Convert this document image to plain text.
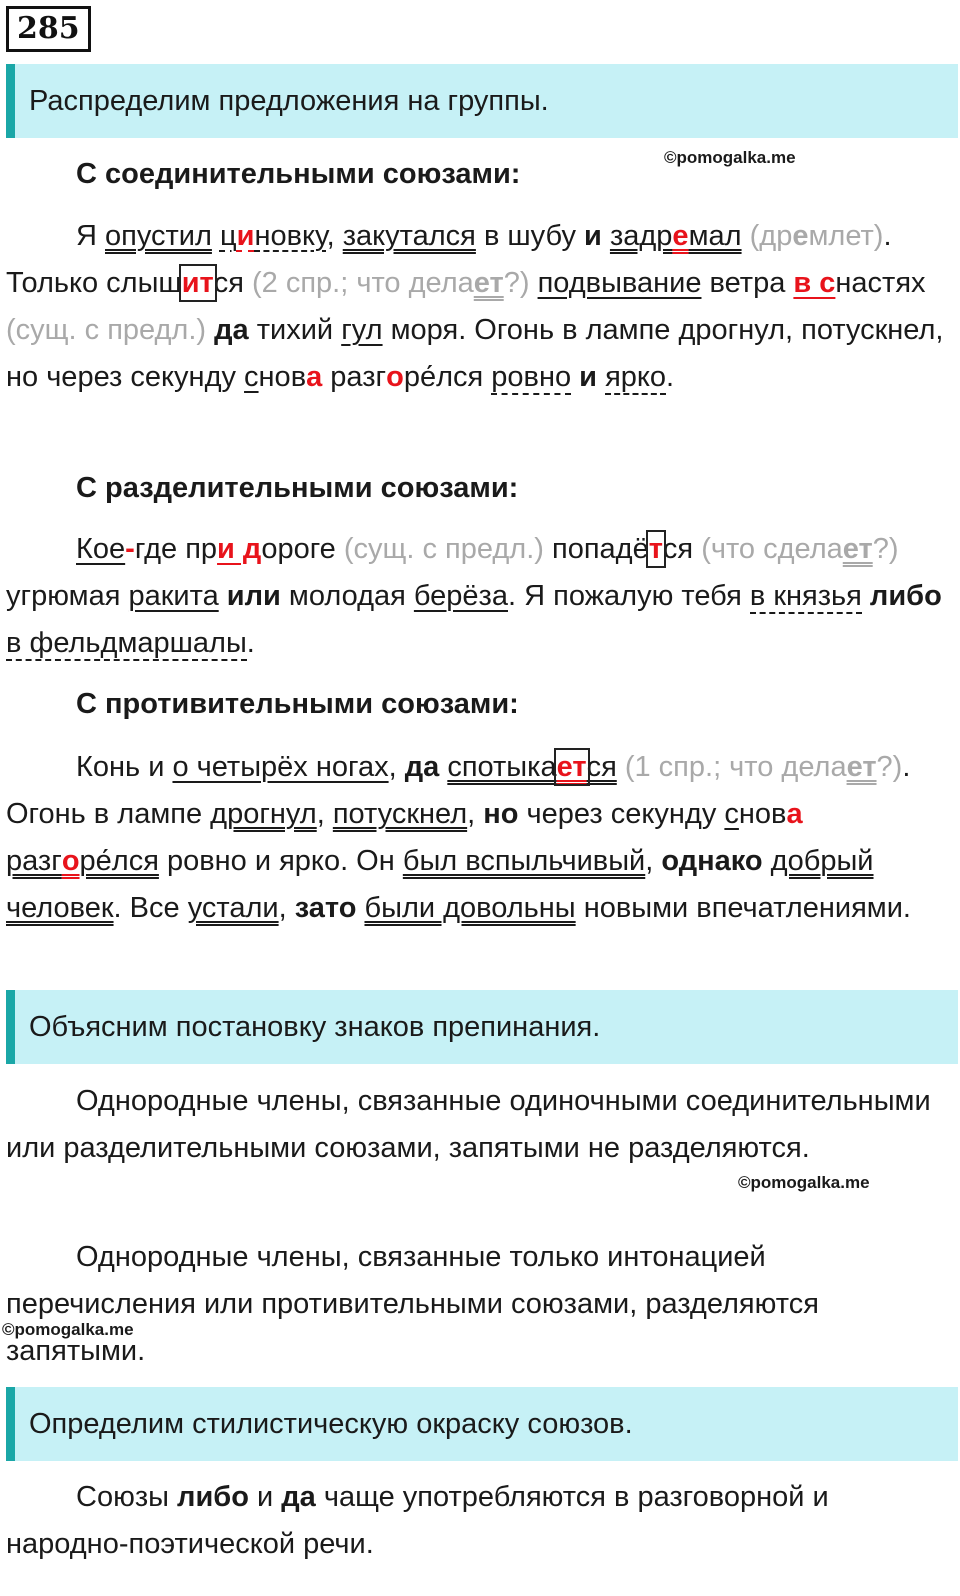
285
Распределим предложения на группы.
©pomogalka.me
С соединительными союзами:

Я опустил циновку, закутался в шубу и задремал (дремлет). Только слышится (2 спр.; что делает?) подвывание ветра в снастях (сущ. с предл.) да тихий гул моря. Огонь в лампе дрогнул, потускнел, но через секунду снова разгоре́лся ровно и ярко.

С разделительными союзами:

Кое-где при дороге (сущ. с предл.) попадётся (что сделает?) угрюмая ракита или молодая берёза. Я пожалую тебя в князья либо в фельдмаршалы.

С противительными союзами:

Конь и о четырёх ногах, да спотыкается (1 спр.; что делает?). Огонь в лампе дрогнул, потускнел, но через секунду снова разгоре́лся ровно и ярко. Он был вспыльчивый, однако добрый человек. Все устали, зато были довольны новыми впечатлениями.

Объясним постановку знаков препинания.

Однородные члены, связанные одиночными соединительными или разделительными союзами, запятыми не разделяются.

©pomogalka.me

Однородные члены, связанные только интонацией перечисления или противительными союзами, разделяются запятыми.

©pomogalka.me
Определим стилистическую окраску союзов.

Союзы либо и да чаще употребляются в разговорной и народно-поэтической речи.
